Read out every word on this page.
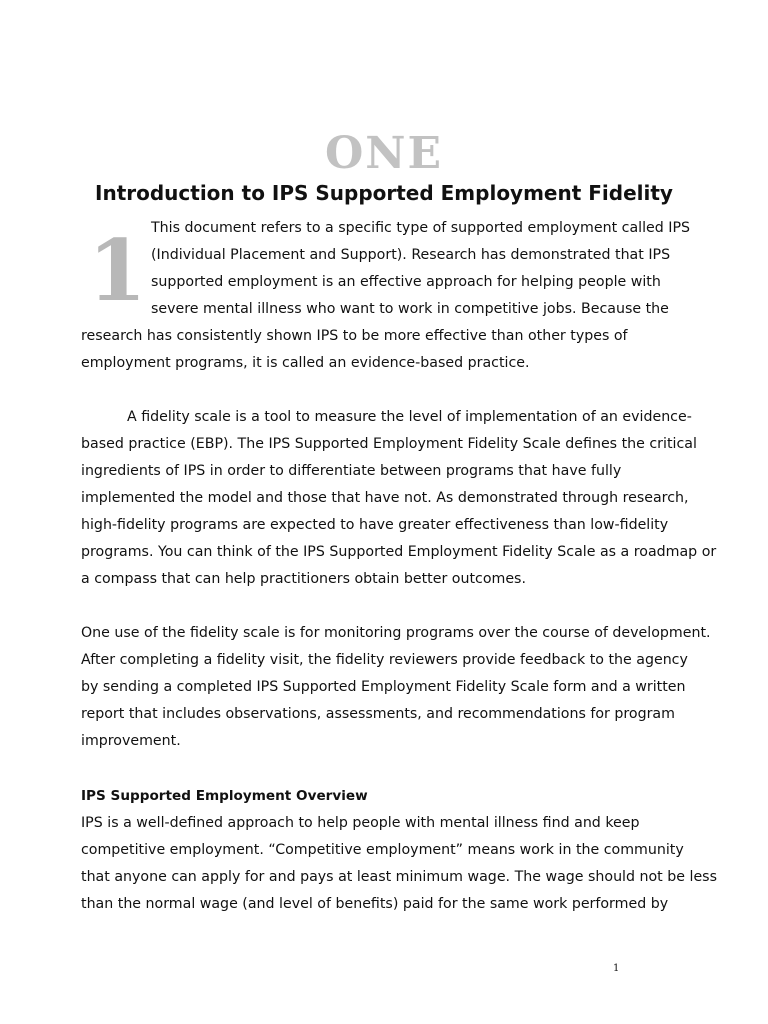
ONE
Introduction to IPS Supported Employment Fidelity
1 This document refers to a specific type of supported employment called IPS
(Individual Placement and Support). Research has demonstrated that IPS
supported employment is an effective approach for helping people with
severe mental illness who want to work in competitive jobs. Because the
research has consistently shown IPS to be more effective than other types of
employment programs, it is called an evidence-based practice.
A fidelity scale is a tool to measure the level of implementation of an evidence-
based practice (EBP). The IPS Supported Employment Fidelity Scale defines the critical
ingredients of IPS in order to differentiate between programs that have fully
implemented the model and those that have not. As demonstrated through research,
high-fidelity programs are expected to have greater effectiveness than low-fidelity
programs. You can think of the IPS Supported Employment Fidelity Scale as a roadmap or
a compass that can help practitioners obtain better outcomes.
One use of the fidelity scale is for monitoring programs over the course of development.
After completing a fidelity visit, the fidelity reviewers provide feedback to the agency
by sending a completed IPS Supported Employment Fidelity Scale form and a written
report that includes observations, assessments, and recommendations for program
improvement.
IPS Supported Employment Overview
IPS is a well-defined approach to help people with mental illness find and keep
competitive employment. “Competitive employment” means work in the community
that anyone can apply for and pays at least minimum wage. The wage should not be less
than the normal wage (and level of benefits) paid for the same work performed by
1
